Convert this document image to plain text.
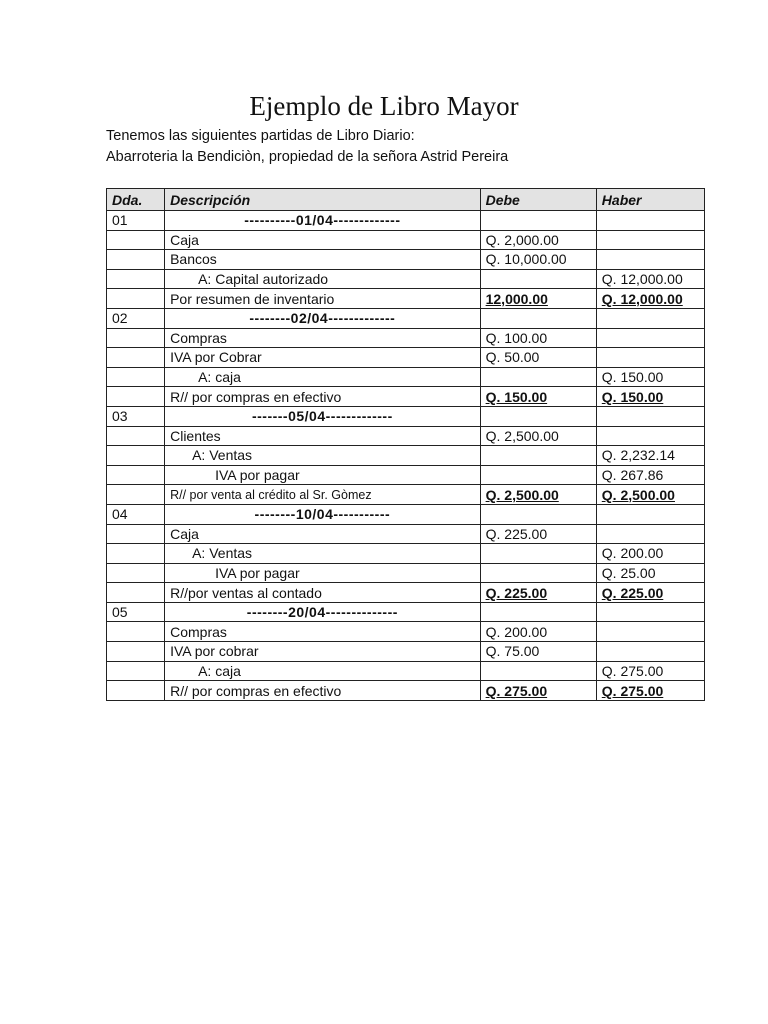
Ejemplo de Libro Mayor
Tenemos las siguientes partidas de Libro Diario:
Abarroteria la Bendiciòn, propiedad de la señora Astrid Pereira
Dda.	Descripción	Debe	Haber
01	----------01/04-------------		
	Caja	Q. 2,000.00	
	Bancos	Q. 10,000.00	
	A: Capital autorizado		Q. 12,000.00
	Por resumen de inventario	12,000.00	Q. 12,000.00
02	--------02/04-------------		
	Compras	Q. 100.00	
	IVA por Cobrar	Q. 50.00	
	A: caja		Q. 150.00
	R// por compras en efectivo	Q. 150.00	Q. 150.00
03	-------05/04-------------		
	Clientes	Q. 2,500.00	
	A: Ventas		Q. 2,232.14
	IVA por pagar		Q. 267.86
	R// por venta al crédito al Sr. Gòmez	Q. 2,500.00	Q. 2,500.00
04	--------10/04-----------		
	Caja	Q. 225.00	
	A: Ventas		Q. 200.00
	IVA por pagar		Q. 25.00
	R//por ventas al contado	Q. 225.00	Q. 225.00
05	--------20/04--------------		
	Compras	Q. 200.00	
	IVA por cobrar	Q. 75.00	
	A: caja		Q. 275.00
	R// por compras en efectivo	Q. 275.00	Q. 275.00
